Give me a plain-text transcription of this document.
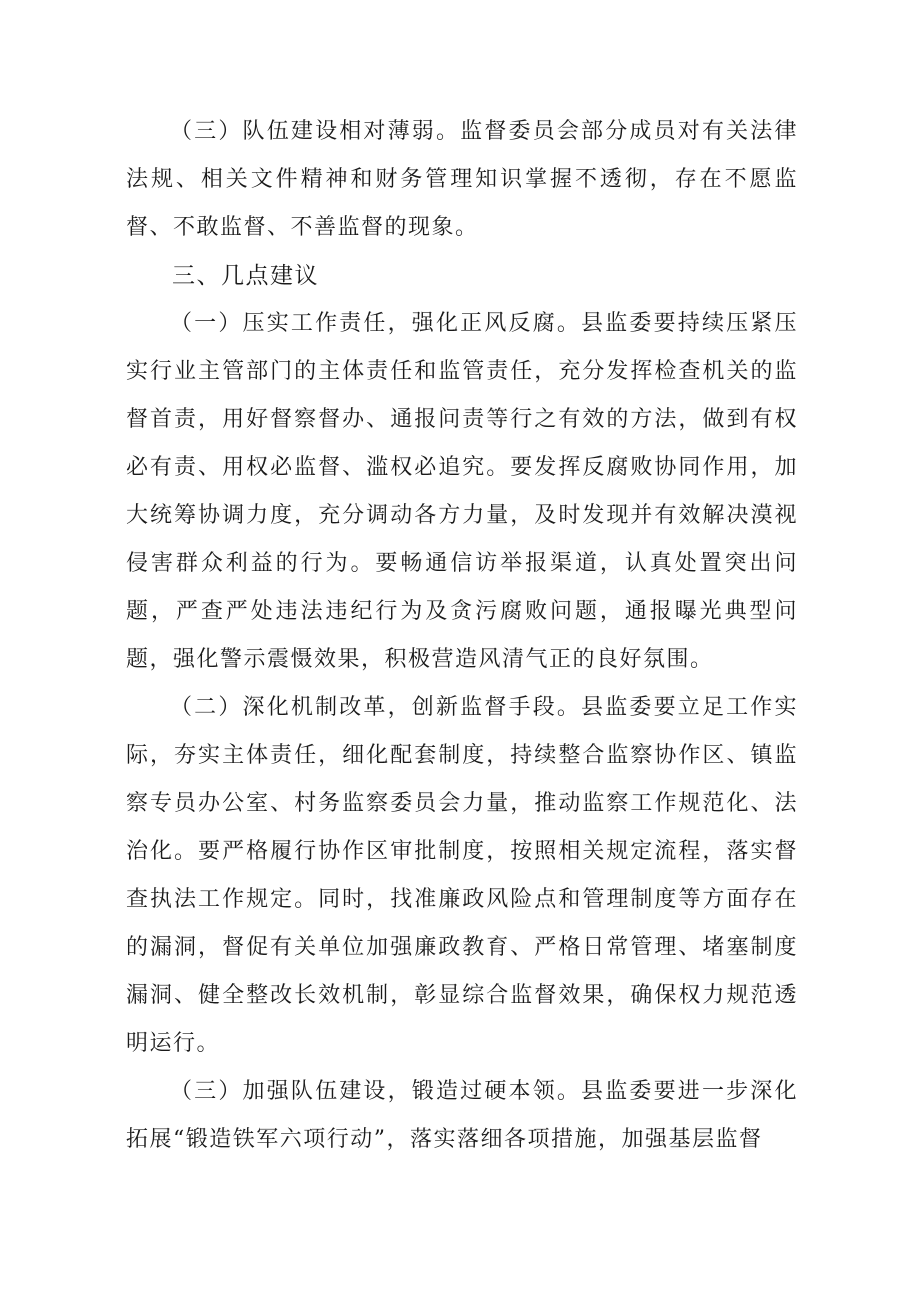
（三）队伍建设相对薄弱。监督委员会部分成员对有关法律法规、相关文件精神和财务管理知识掌握不透彻，存在不愿监督、不敢监督、不善监督的现象。

三、几点建议

（一）压实工作责任，强化正风反腐。县监委要持续压紧压实行业主管部门的主体责任和监管责任，充分发挥检查机关的监督首责，用好督察督办、通报问责等行之有效的方法，做到有权必有责、用权必监督、滥权必追究。要发挥反腐败协同作用，加大统筹协调力度，充分调动各方力量，及时发现并有效解决漠视侵害群众利益的行为。要畅通信访举报渠道，认真处置突出问题，严查严处违法违纪行为及贪污腐败问题，通报曝光典型问题，强化警示震慑效果，积极营造风清气正的良好氛围。

（二）深化机制改革，创新监督手段。县监委要立足工作实际，夯实主体责任，细化配套制度，持续整合监察协作区、镇监察专员办公室、村务监察委员会力量，推动监察工作规范化、法治化。要严格履行协作区审批制度，按照相关规定流程，落实督查执法工作规定。同时，找准廉政风险点和管理制度等方面存在的漏洞，督促有关单位加强廉政教育、严格日常管理、堵塞制度漏洞、健全整改长效机制，彰显综合监督效果，确保权力规范透明运行。

（三）加强队伍建设，锻造过硬本领。县监委要进一步深化拓展“锻造铁军六项行动”，落实落细各项措施，加强基层监督
